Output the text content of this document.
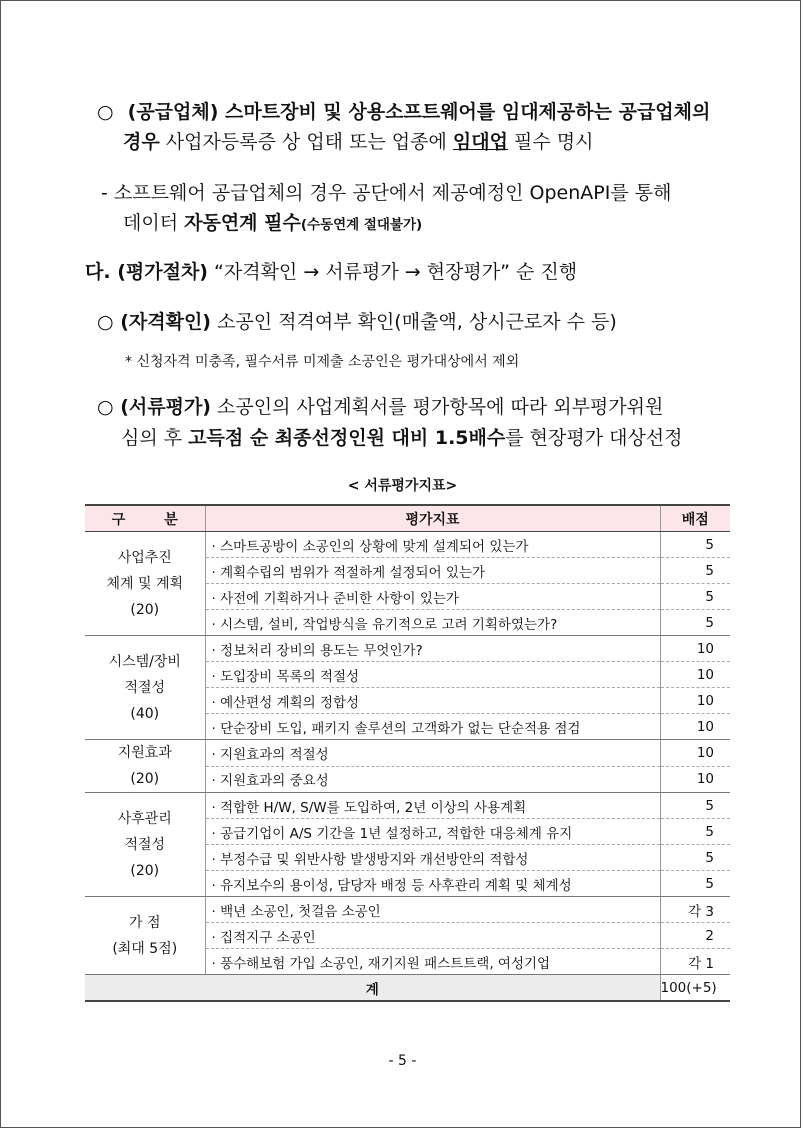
○ (공급업체) 스마트장비 및 상용소프트웨어를 임대제공하는 공급업체의
경우 사업자등록증 상 업태 또는 업종에 임대업 필수 명시
- 소프트웨어 공급업체의 경우 공단에서 제공예정인 OpenAPI를 통해
데이터 자동연계 필수(수동연계 절대불가)
다. (평가절차) “자격확인 → 서류평가 → 현장평가” 순 진행
○ (자격확인) 소공인 적격여부 확인(매출액, 상시근로자 수 등)
* 신청자격 미충족, 필수서류 미제출 소공인은 평가대상에서 제외
○ (서류평가) 소공인의 사업계획서를 평가항목에 따라 외부평가위원
심의 후 고득점 순 최종선정인원 대비 1.5배수를 현장평가 대상선정
< 서류평가지표>
구        분	평가지표	배점

사업추진
체계 및 계획
(20)	· 스마트공방이 소공인의 상황에 맞게 설계되어 있는가	5
	· 계획수립의 범위가 적절하게 설정되어 있는가	5
	· 사전에 기획하거나 준비한 사항이 있는가	5
	· 시스템, 설비, 작업방식을 유기적으로 고려 기획하였는가?	5

시스템/장비
적절성
(40)	· 정보처리 장비의 용도는 무엇인가?	10
	· 도입장비 목록의 적절성	10
	· 예산편성 계획의 정합성	10
	· 단순장비 도입, 패키지 솔루션의 고객화가 없는 단순적용 점검	10

지원효과
(20)	· 지원효과의 적절성	10
	· 지원효과의 중요성	10

사후관리
적절성
(20)	· 적합한 H/W, S/W를 도입하여, 2년 이상의 사용계획	5
	· 공급기업이 A/S 기간을 1년 설정하고, 적합한 대응체계 유지	5
	· 부정수급 및 위반사항 발생방지와 개선방안의 적합성	5
	· 유지보수의 용이성, 담당자 배정 등 사후관리 계획 및 체계성	5

가 점
(최대 5점)	· 백년 소공인, 첫걸음 소공인	각 3
	· 집적지구 소공인	2
	· 풍수해보험 가입 소공인, 재기지원 패스트트랙, 여성기업	각 1
계		100(+5)
- 5 -
